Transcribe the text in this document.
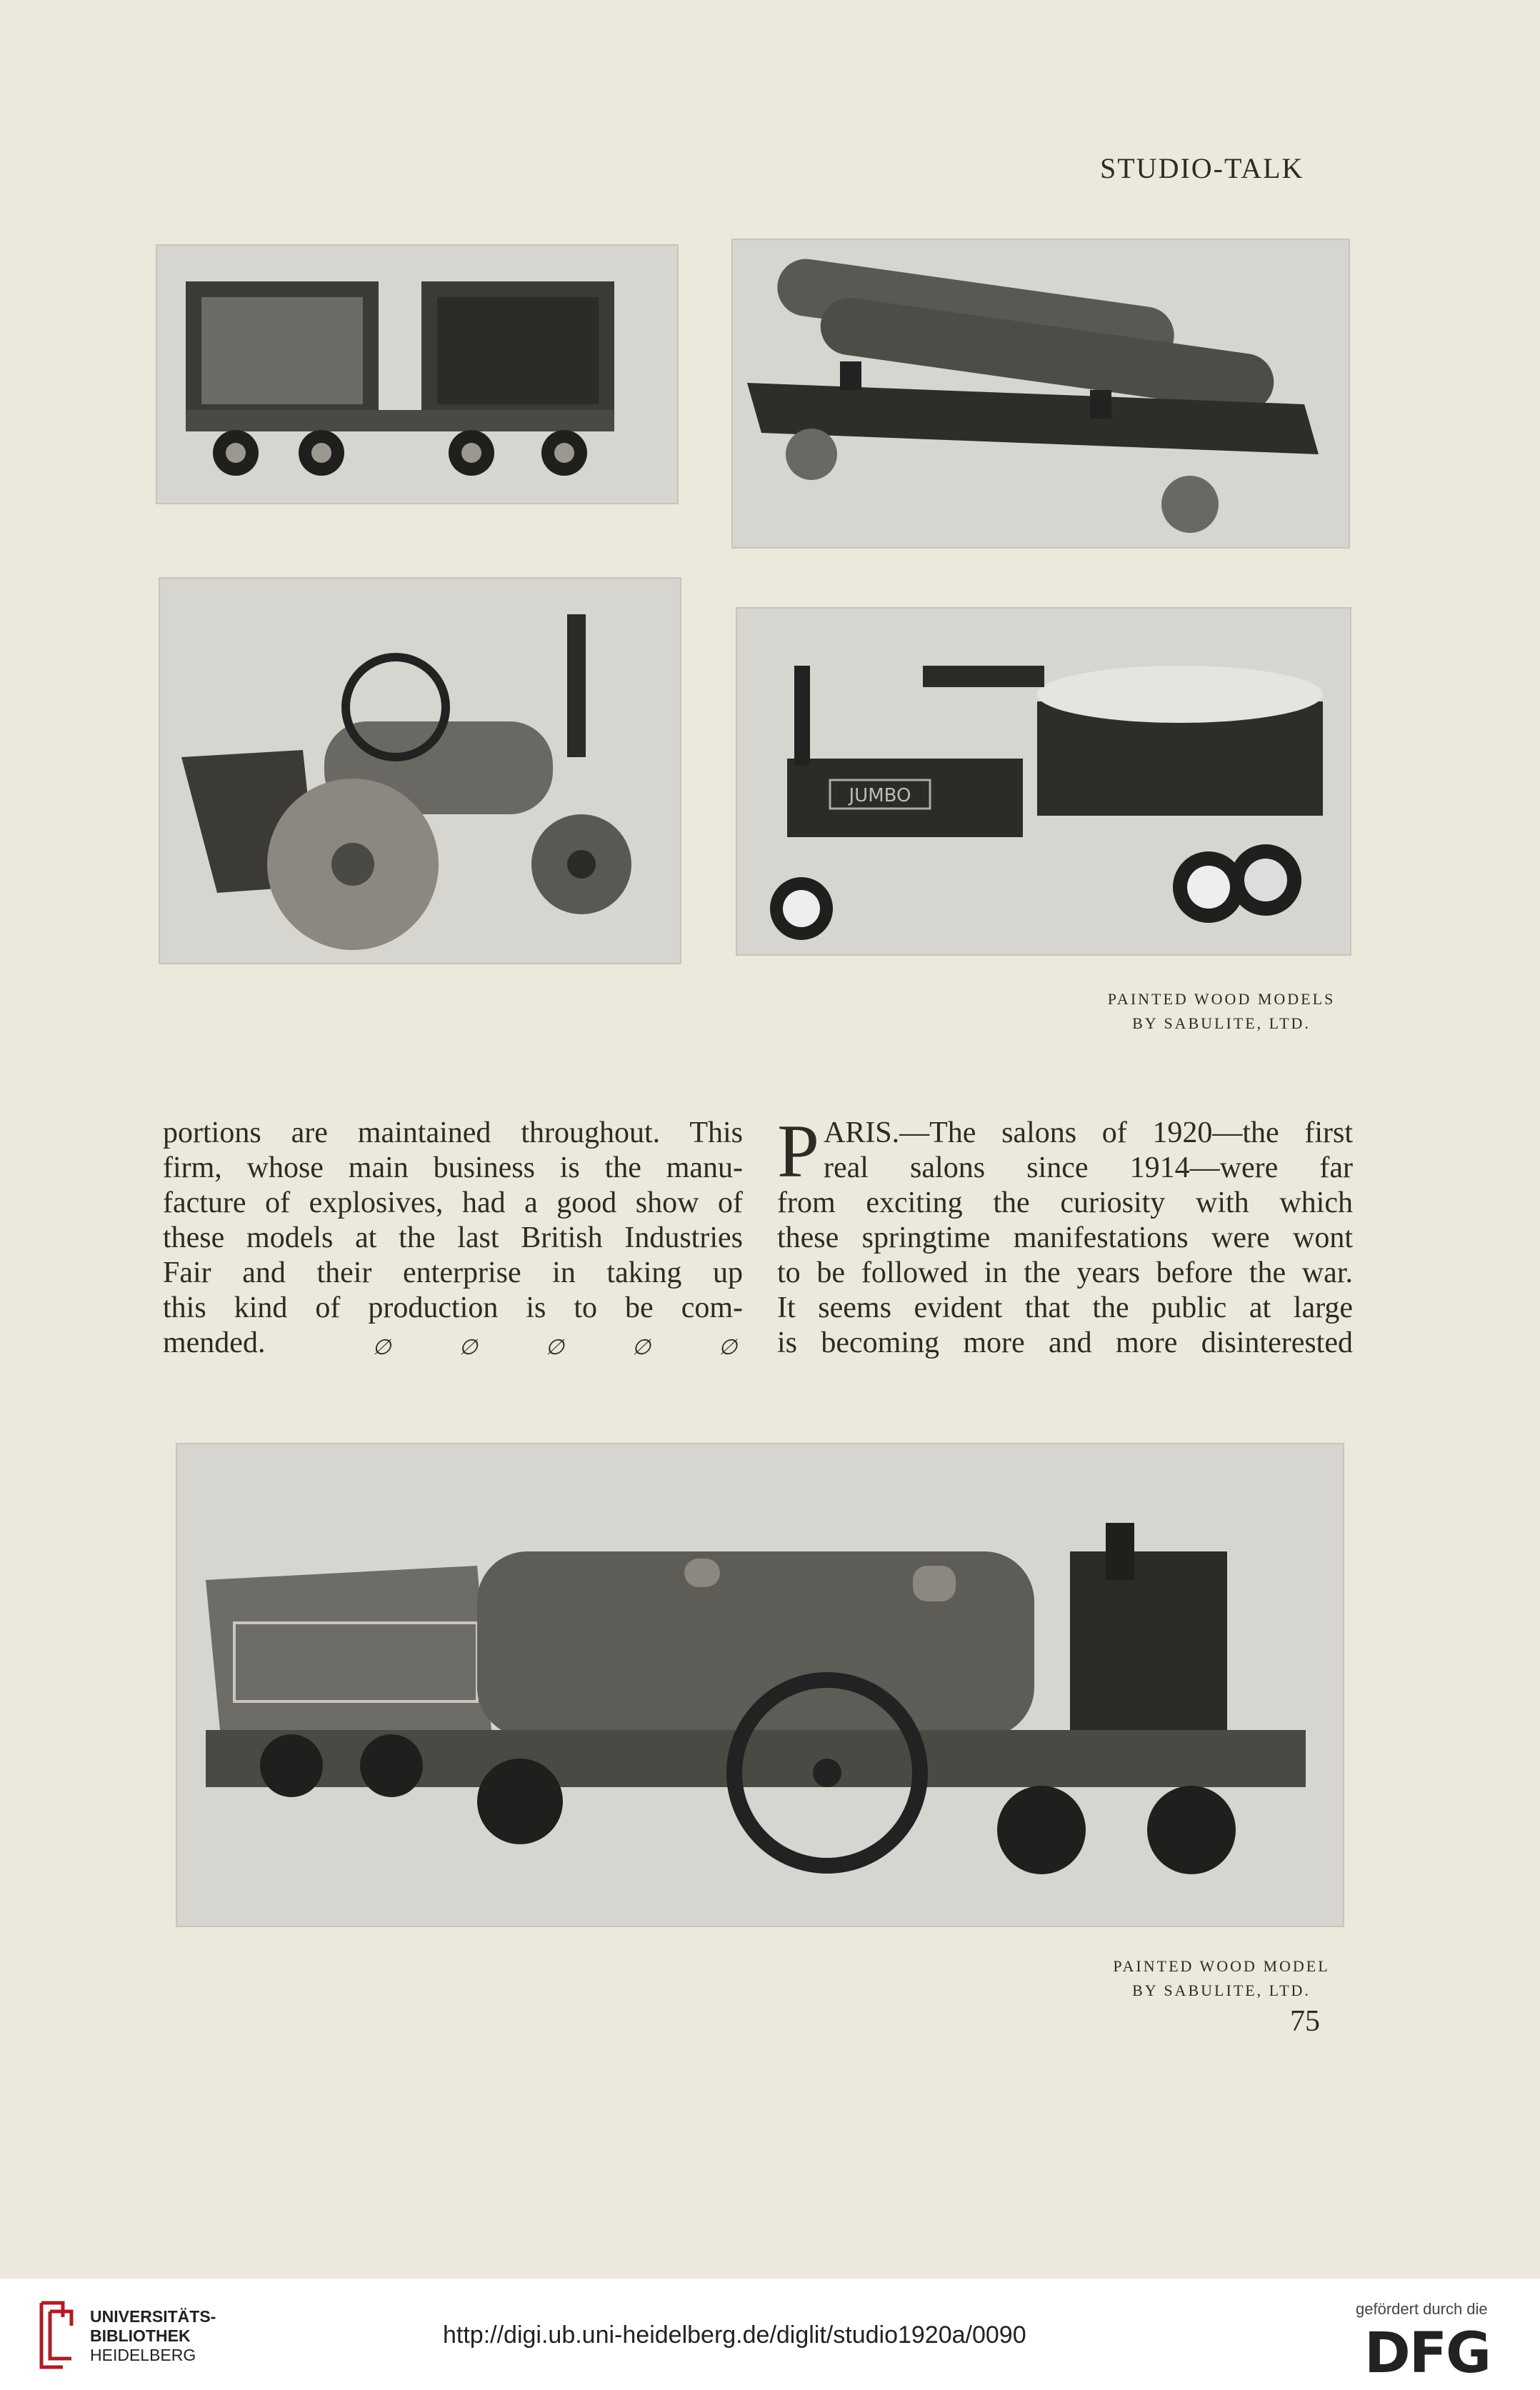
STUDIO-TALK
JUMBO
PAINTED WOOD MODELS
BY SABULITE, LTD.
portions are maintained throughout. This
firm, whose main business is the manu-
facture of explosives, had a good show of
these models at the last British Industries
Fair and their enterprise in taking up
this kind of production is to be com-
mended.	∅	∅	∅	∅	∅
P ARIS.—The salons of 1920—the first
real salons since 1914—were far
from exciting the curiosity with which
these springtime manifestations were wont
to be followed in the years before the war.
It seems evident that the public at large
is becoming more and more disinterested
PAINTED WOOD MODEL
BY SABULITE, LTD.
75
UNIVERSITÄTS-
BIBLIOTHEK
HEIDELBERG
http://digi.ub.uni-heidelberg.de/diglit/studio1920a/0090
gefördert durch die
DFG
